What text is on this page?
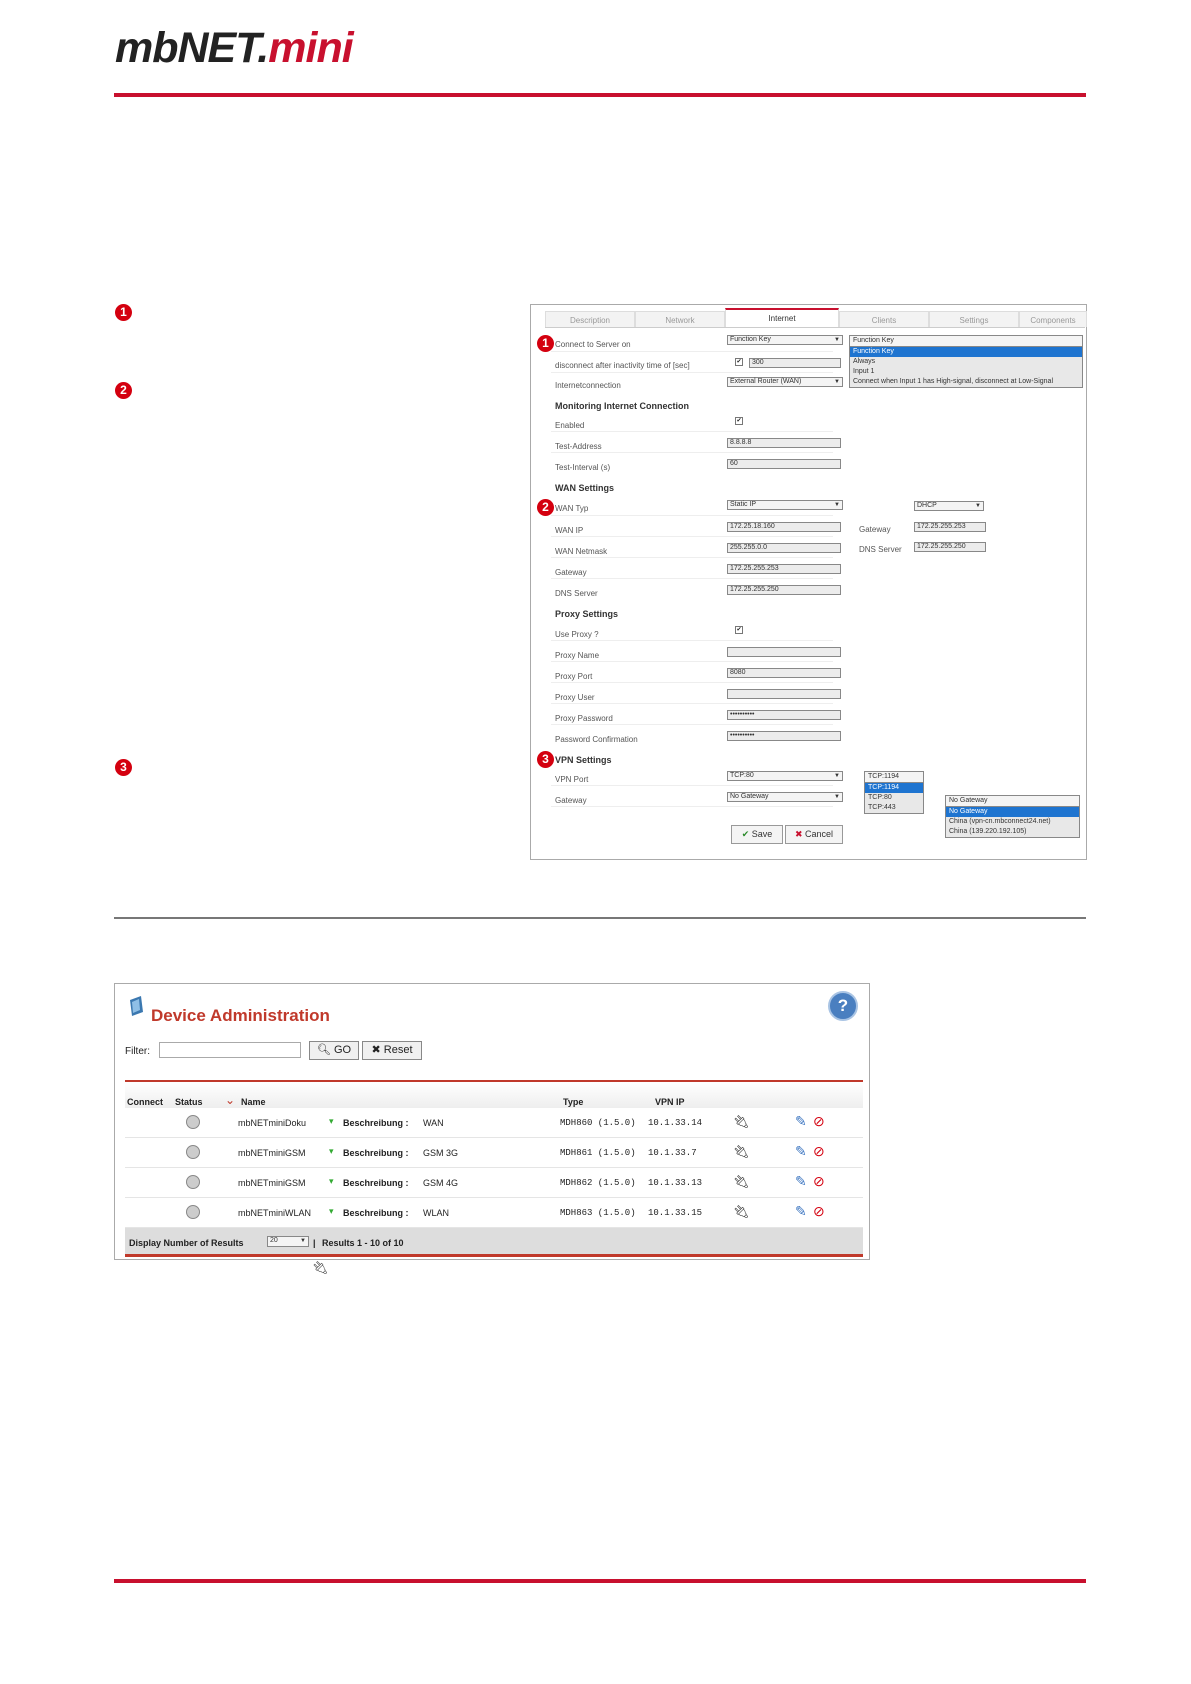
mbNET.mini
1
2
3
Description	Network	Internet	Clients	Settings	Components
1 Connect to Server on
Function Key ▼	Function Key
Function Key
Always
Input 1
Connect when Input 1 has High-signal, disconnect at Low-Signal
disconnect after inactivity time of [sec]	✔	300
Internetconnection	External Router (WAN) ▼
Monitoring Internet Connection
Enabled	✔
Test-Address	8.8.8.8
Test-Interval (s)	60
WAN Settings
2 WAN Typ	Static IP ▼	DHCP ▼
WAN IP	172.25.18.160	Gateway	172.25.255.253
WAN Netmask	255.255.0.0	DNS Server	172.25.255.250
Gateway	172.25.255.253
DNS Server	172.25.255.250
Proxy Settings
Use Proxy ?	✔
Proxy Name
Proxy Port	8080
Proxy User
Proxy Password	••••••••••
Password Confirmation	••••••••••
3 VPN Settings
VPN Port	TCP:80 ▼	TCP:1194
TCP:1194
TCP:80
TCP:443
Gateway	No Gateway ▼
No Gateway
No Gateway
China (vpn-cn.mbconnect24.net)
China (139.220.192.105)
✔ Save	✖ Cancel
Device Administration
?
Filter:	🔍︎ GO	✖ Reset
Connect Status ⌄ Name	Type	VPN IP
mbNETminiDoku	▾ Beschreibung : WAN	MDH860 (1.5.0) 10.1.33.14 🔌︎	✎ ⊘
mbNETminiGSM	▾ Beschreibung : GSM 3G	MDH861 (1.5.0) 10.1.33.7	🔌︎	✎ ⊘
mbNETminiGSM	▾ Beschreibung : GSM 4G	MDH862 (1.5.0) 10.1.33.13 🔌︎	✎ ⊘
mbNETminiWLAN ▾ Beschreibung : WLAN	MDH863 (1.5.0) 10.1.33.15 🔌︎	✎ ⊘
Display Number of Results	20 ▼	| Results 1 - 10 of 10
🔌︎
